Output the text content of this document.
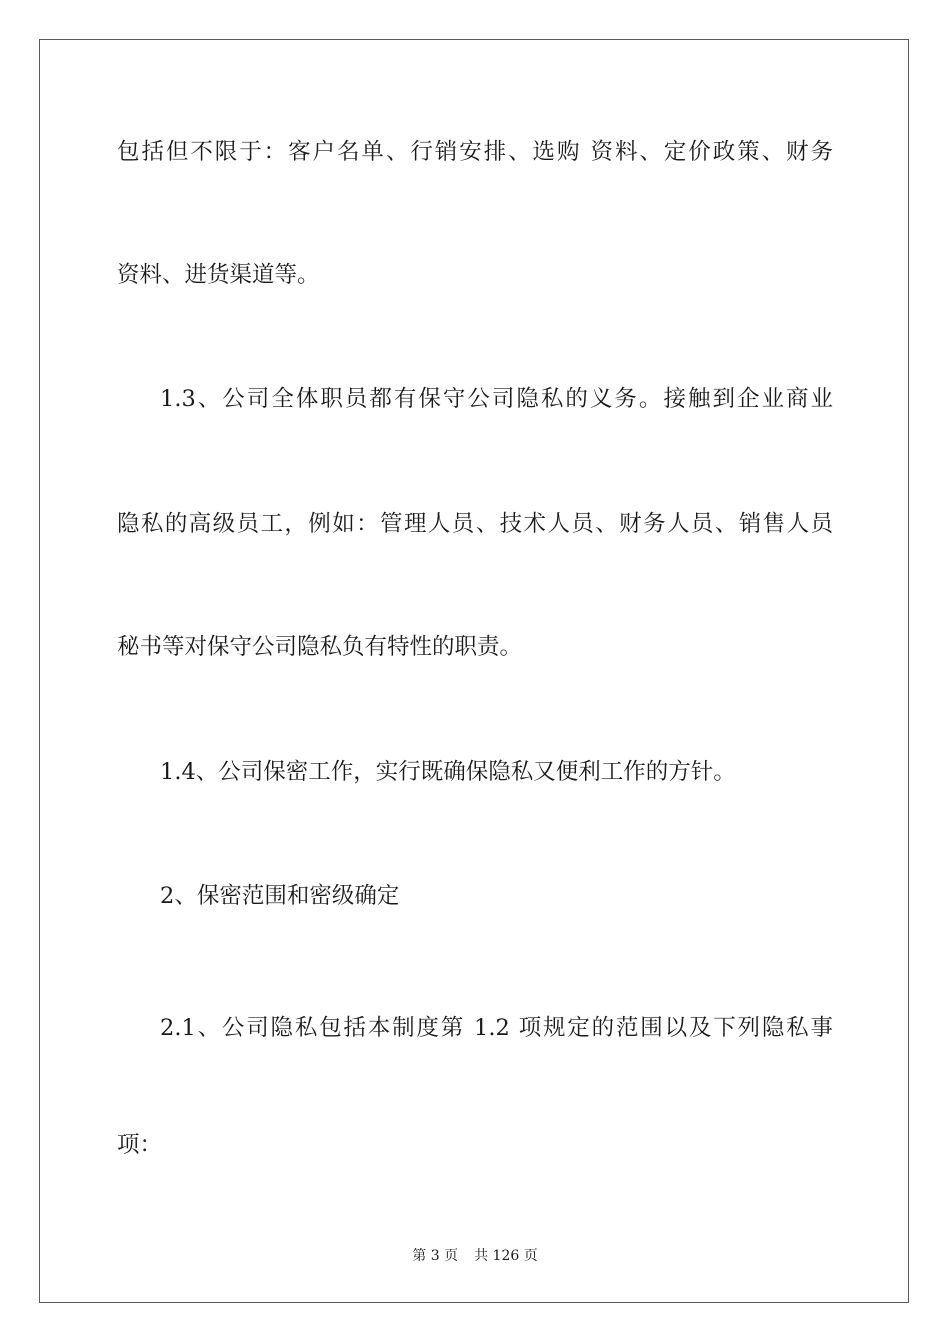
包括但不限于：客户名单、行销安排、选购 资料、定价政策、财务
资料、进货渠道等。
1.3、公司全体职员都有保守公司隐私的义务。接触到企业商业
隐私的高级员工，例如：管理人员、技术人员、财务人员、销售人员
秘书等对保守公司隐私负有特性的职责。
1.4、公司保密工作，实行既确保隐私又便利工作的方针。
2、保密范围和密级确定
2.1、公司隐私包括本制度第 1.2 项规定的范围以及下列隐私事
项：
第 3 页 共 126 页
